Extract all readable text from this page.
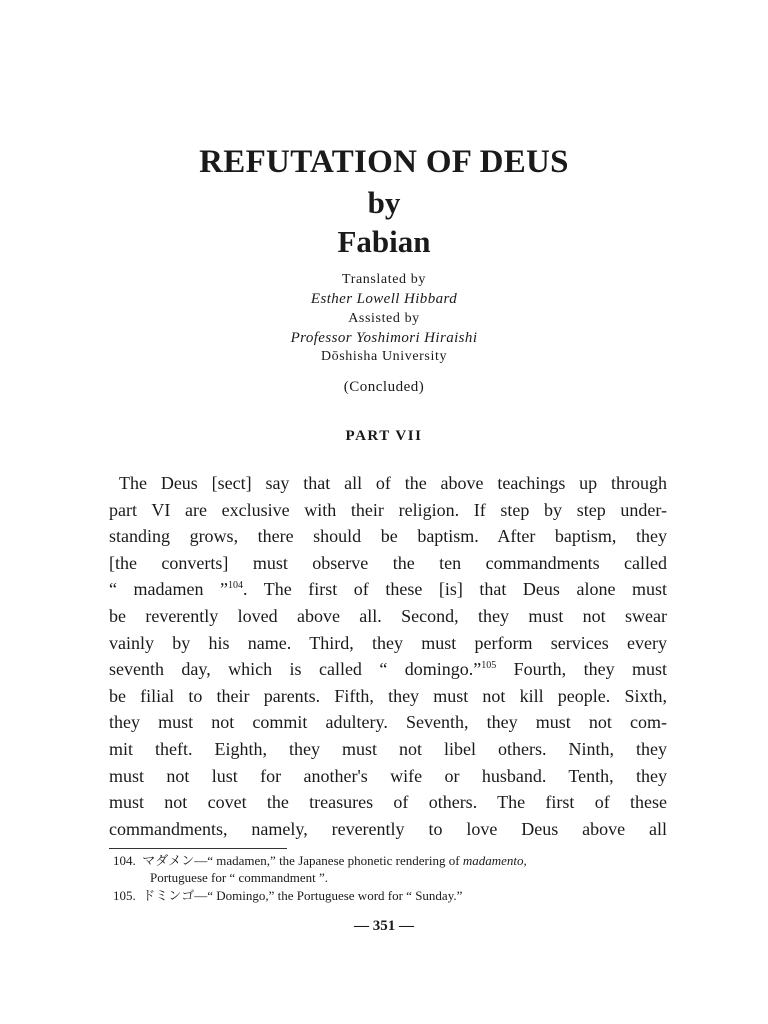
REFUTATION OF DEUS
by
Fabian
Translated by
Esther Lowell Hibbard
Assisted by
Professor Yoshimori Hiraishi
Dōshisha University
(Concluded)
PART VII
The Deus [sect] say that all of the above teachings up through
part VI are exclusive with their religion. If step by step under-
standing grows, there should be baptism. After baptism, they
[the converts] must observe the ten commandments called
“ madamen ”$^{104}$. The first of these [is] that Deus alone must
be reverently loved above all. Second, they must not swear
vainly by his name. Third, they must perform services every
seventh day, which is called “ domingo.”$^{105}$ Fourth, they must
be filial to their parents. Fifth, they must not kill people. Sixth,
they must not commit adultery. Seventh, they must not com-
mit theft. Eighth, they must not libel others. Ninth, they
must not lust for another's wife or husband. Tenth, they
must not covet the treasures of others. The first of these
commandments, namely, reverently to love Deus above all
104. マダメン—“ madamen,” the Japanese phonetic rendering of madamento,
Portuguese for “ commandment ”.
105. ドミンゴ—“ Domingo,” the Portuguese word for “ Sunday.”
— 351 —
